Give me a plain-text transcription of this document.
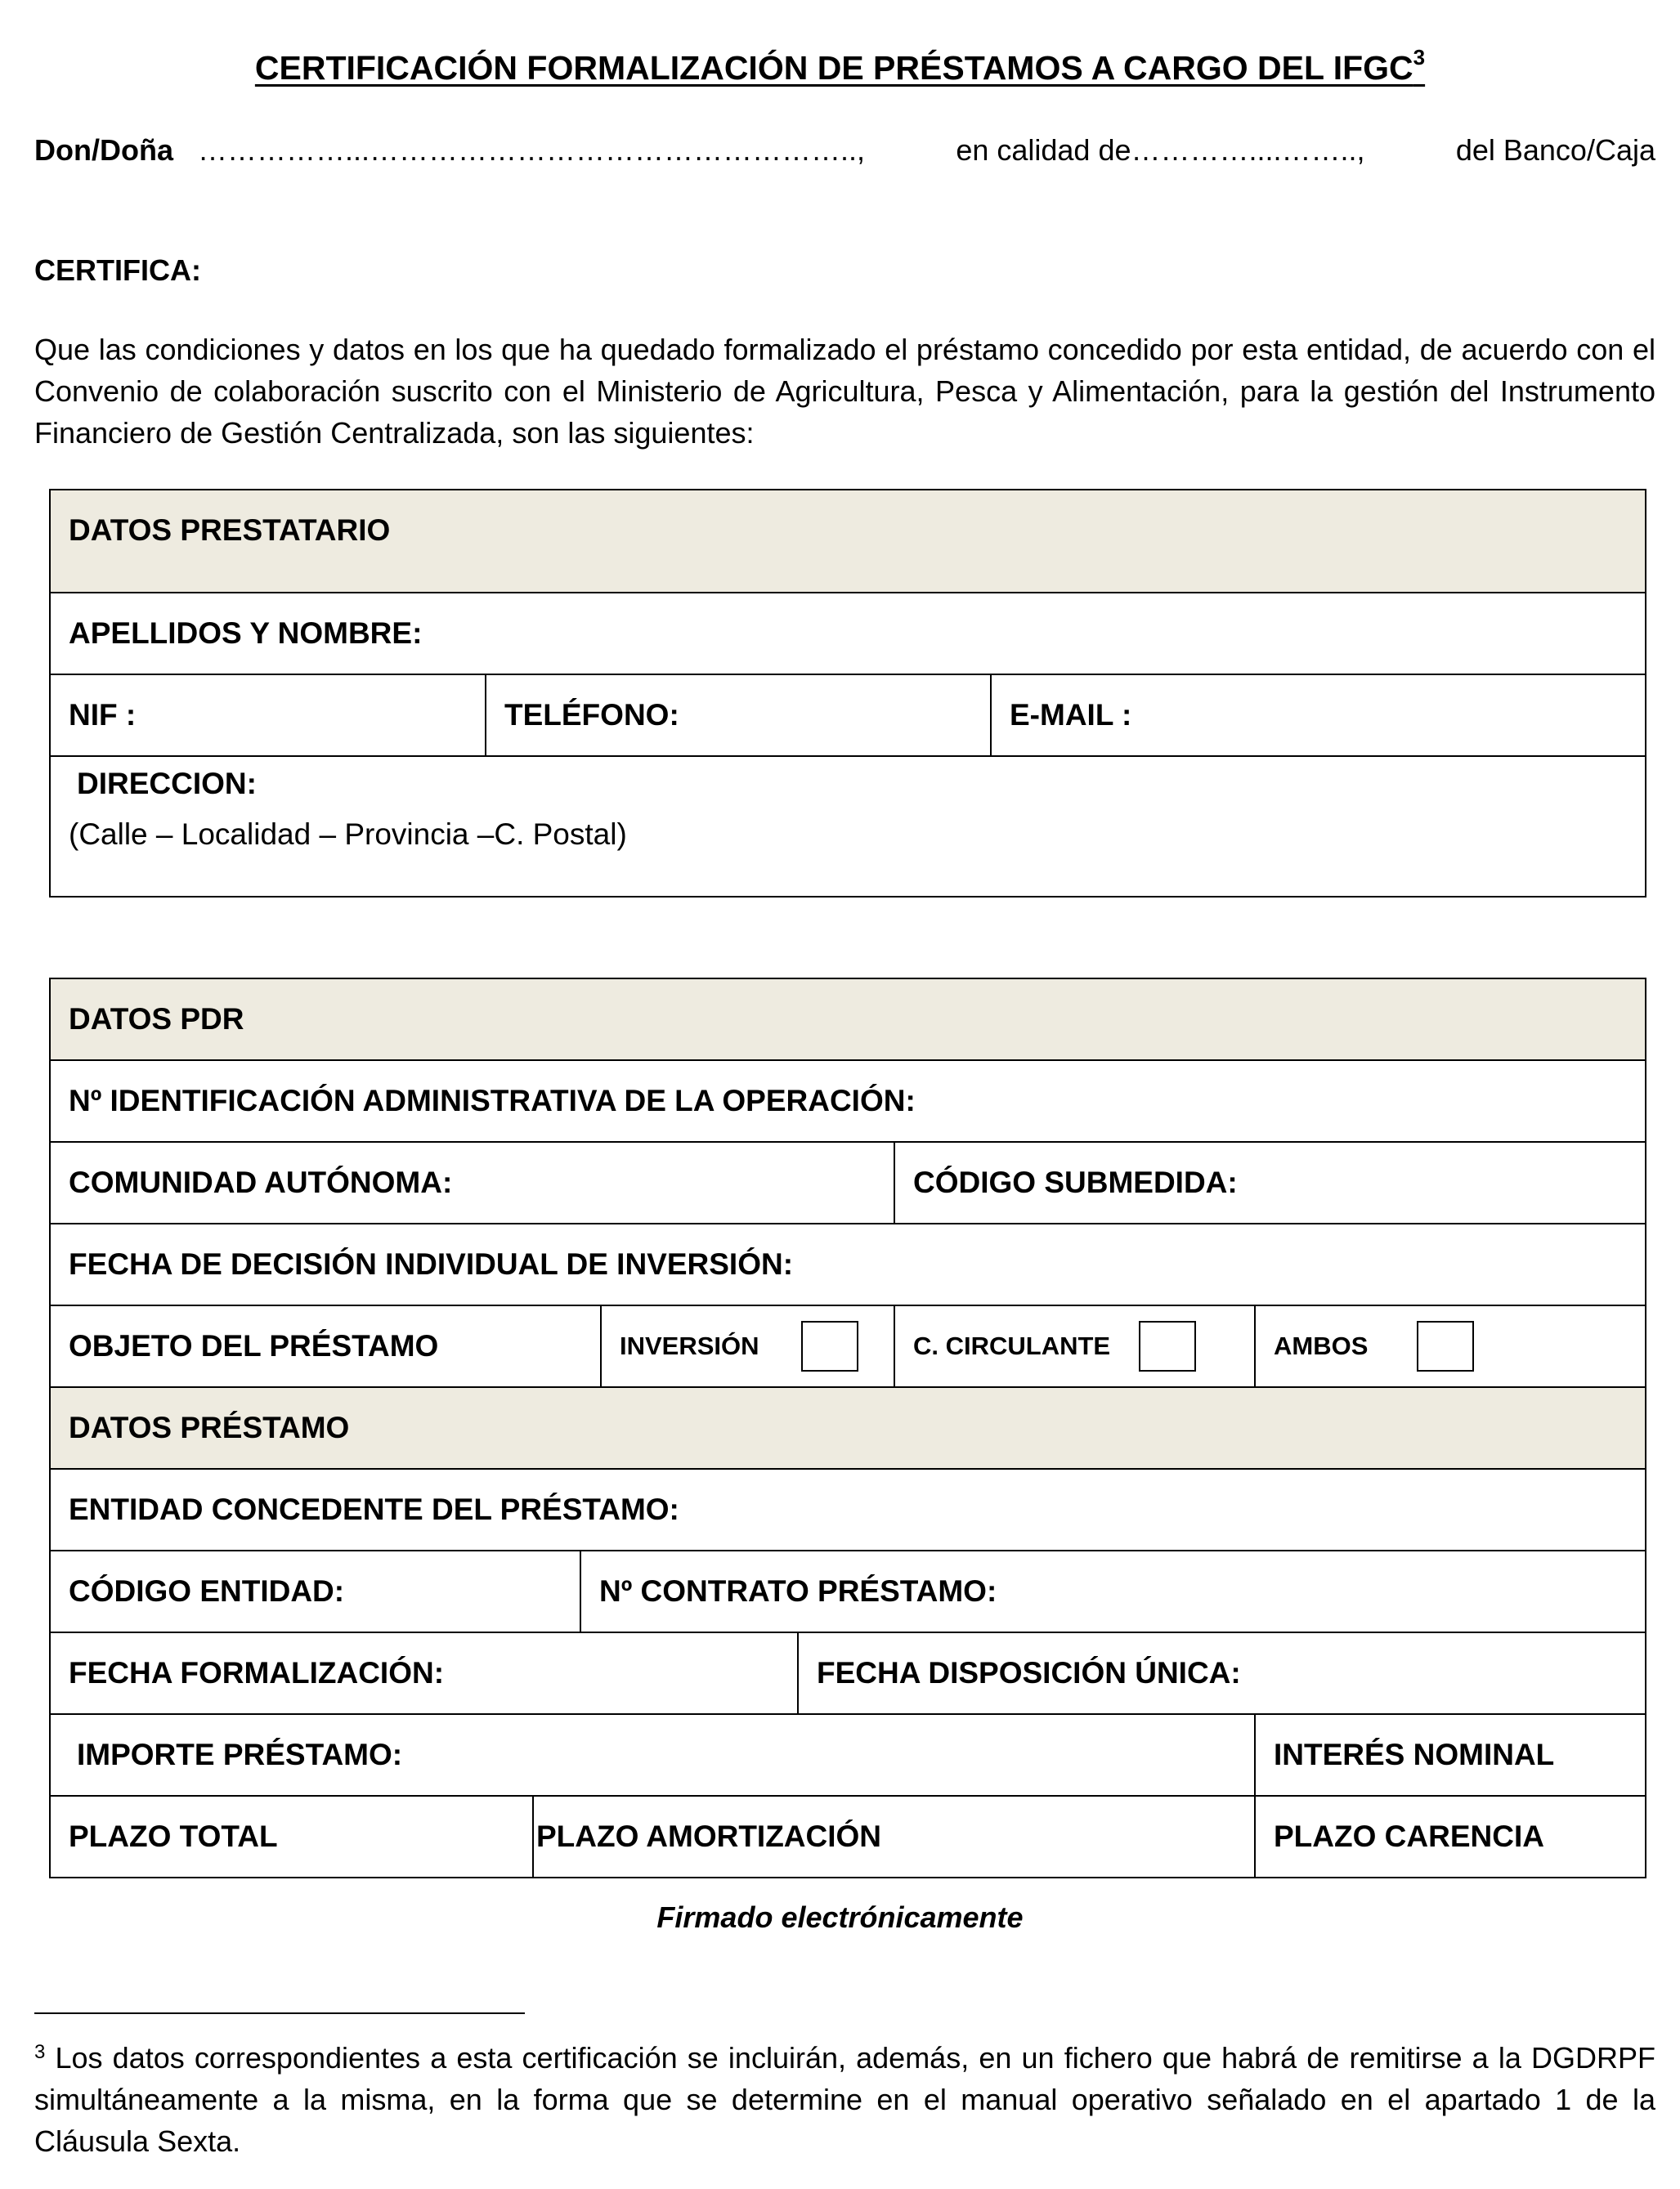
CERTIFICACIÓN FORMALIZACIÓN DE PRÉSTAMOS A CARGO DEL IFGC$^3$
Don/Doña ……………...…………………………………………..,	en calidad de…………....……..,	del Banco/Caja
CERTIFICA:
Que las condiciones y datos en los que ha quedado formalizado el préstamo concedido por esta entidad, de acuerdo con el Convenio de colaboración suscrito con el Ministerio de Agricultura, Pesca y Alimentación, para la gestión del Instrumento Financiero de Gestión Centralizada, son las siguientes:
DATOS PRESTATARIO
APELLIDOS Y NOMBRE:
NIF :	TELÉFONO:	E-MAIL :

DIRECCION:
(Calle – Localidad – Provincia –C. Postal)
DATOS PDR						
Nº IDENTIFICACIÓN ADMINISTRATIVA DE LA OPERACIÓN:						
COMUNIDAD AUTÓNOMA:					CÓDIGO SUBMEDIDA:	
FECHA DE DECISIÓN INDIVIDUAL DE INVERSIÓN:						
OBJETO DEL PRÉSTAMO			INVERSIÓN		C. CIRCULANTE	AMBOS

DATOS PRÉSTAMO						
ENTIDAD CONCEDENTE DEL PRÉSTAMO:						
CÓDIGO ENTIDAD:		Nº CONTRATO PRÉSTAMO:				
FECHA FORMALIZACIÓN:				FECHA DISPOSICIÓN ÚNICA:		
IMPORTE PRÉSTAMO:						INTERÉS NOMINAL
PLAZO TOTAL	PLAZO AMORTIZACIÓN					PLAZO CARENCIA
Firmado electrónicamente
$^3$ Los datos correspondientes a esta certificación se incluirán, además, en un fichero que habrá de remitirse a la DGDRPF simultáneamente a la misma, en la forma que se determine en el manual operativo señalado en el apartado 1 de la Cláusula Sexta.
